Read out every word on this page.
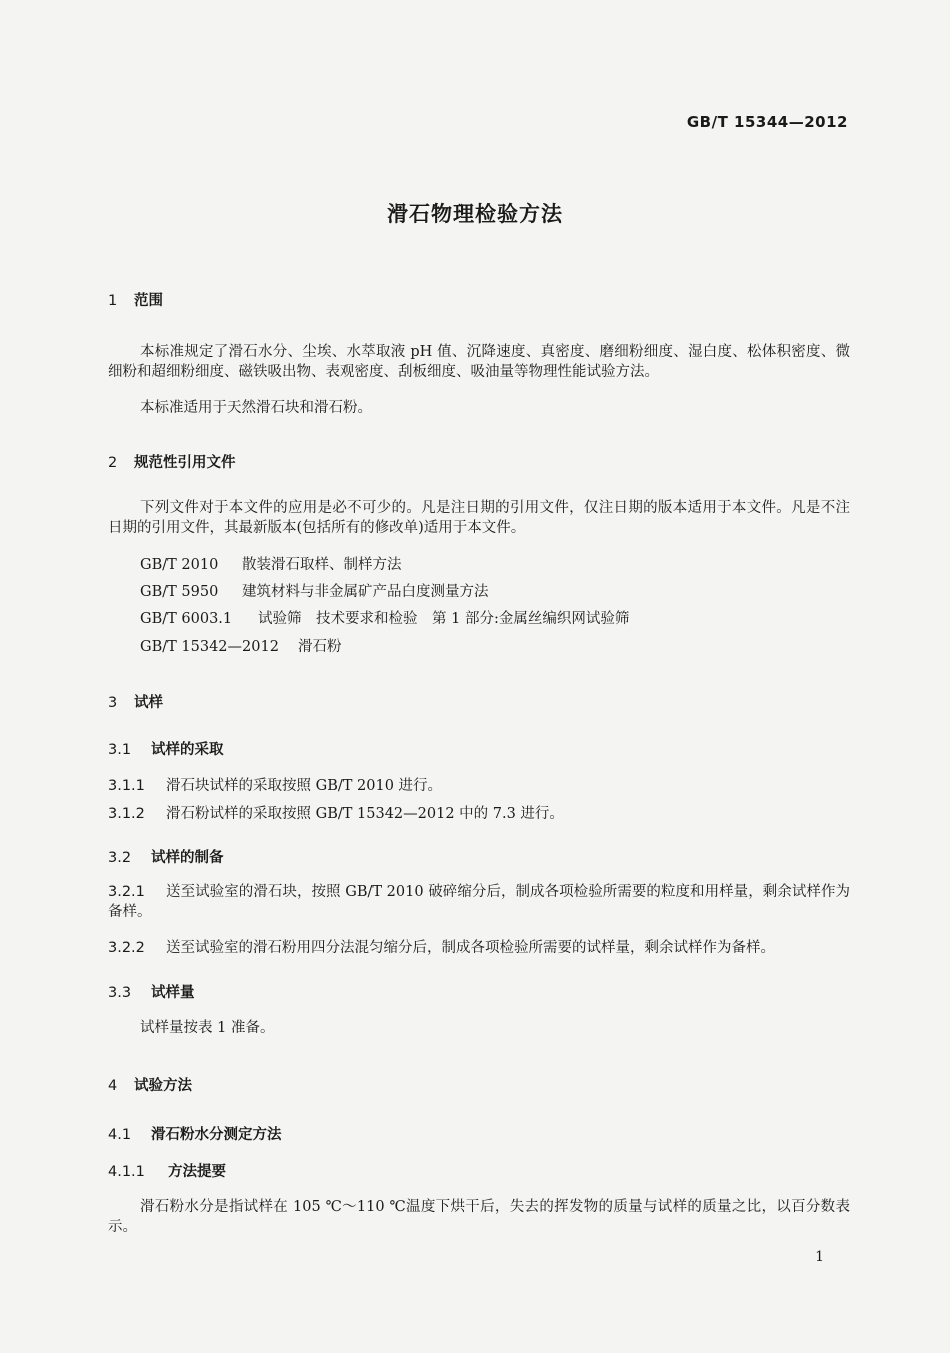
GB/T 15344—2012
滑石物理检验方法
1 范围
本标准规定了滑石水分、尘埃、水萃取液 pH 值、沉降速度、真密度、磨细粉细度、湿白度、松体积密度、微细粉和超细粉细度、磁铁吸出物、表观密度、刮板细度、吸油量等物理性能试验方法。
本标准适用于天然滑石块和滑石粉。
2 规范性引用文件
下列文件对于本文件的应用是必不可少的。凡是注日期的引用文件，仅注日期的版本适用于本文件。凡是不注日期的引用文件，其最新版本(包括所有的修改单)适用于本文件。
GB/T 2010 散装滑石取样、制样方法
GB/T 5950 建筑材料与非金属矿产品白度测量方法
GB/T 6003.1 试验筛　技术要求和检验　第 1 部分:金属丝编织网试验筛
GB/T 15342—2012 滑石粉
3 试样
3.1 试样的采取
3.1.1 滑石块试样的采取按照 GB/T 2010 进行。
3.1.2 滑石粉试样的采取按照 GB/T 15342—2012 中的 7.3 进行。
3.2 试样的制备
3.2.1 送至试验室的滑石块，按照 GB/T 2010 破碎缩分后，制成各项检验所需要的粒度和用样量，剩余试样作为备样。
3.2.2 送至试验室的滑石粉用四分法混匀缩分后，制成各项检验所需要的试样量，剩余试样作为备样。
3.3 试样量
试样量按表 1 准备。
4 试验方法
4.1 滑石粉水分测定方法
4.1.1 方法提要
滑石粉水分是指试样在 105 ℃～110 ℃温度下烘干后，失去的挥发物的质量与试样的质量之比，以百分数表示。
1
